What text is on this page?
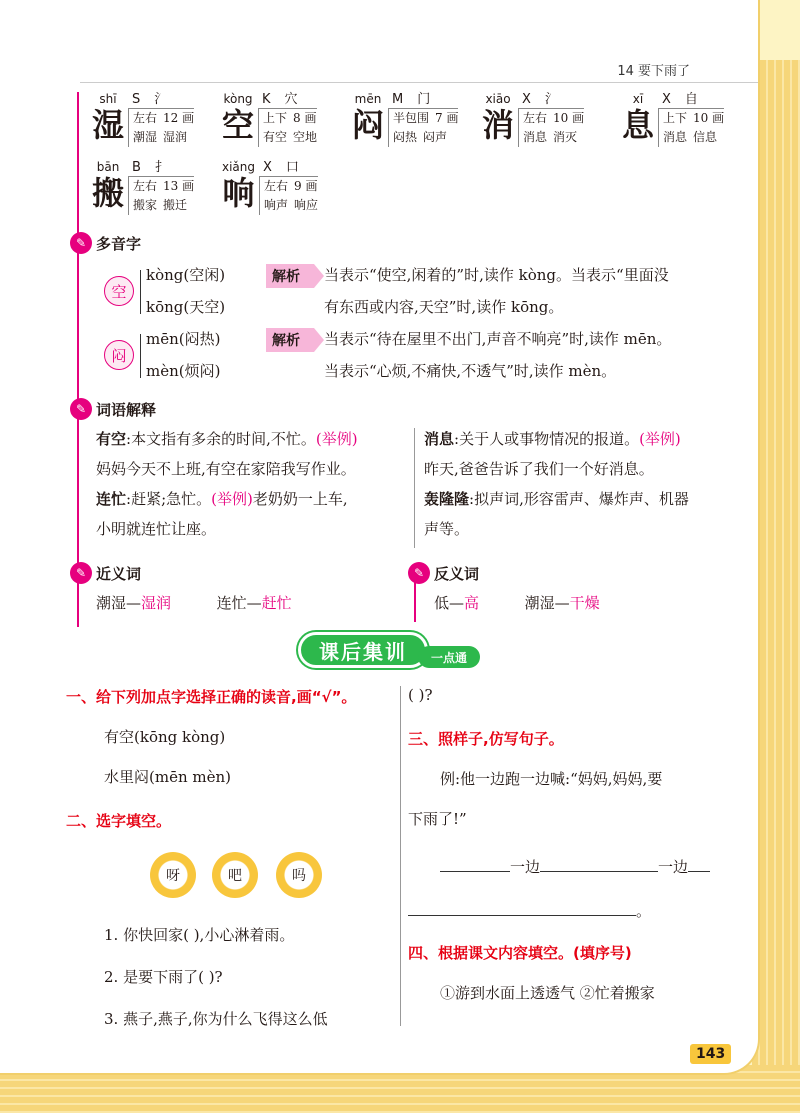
14 要下雨了
shī
湿
S 氵
左右 12 画
潮湿 湿润
kòng
空
K 穴
上下 8 画
有空 空地
mēn
闷
M 门
半包围 7 画
闷热 闷声
xiāo
消
X 氵
左右 10 画
消息 消灭
xī
息
X 自
上下 10 画
消息 信息
bān
搬
B 扌
左右 13 画
搬家 搬迁
xiǎng
响
X 口
左右 9 画
响声 响应
✎ 多音字
空
kòng(空闲)
kōng(天空)
解析	当表示“使空,闲着的”时,读作 kòng。当表示“里面没
有东西或内容,天空”时,读作 kōng。
闷
mēn(闷热)
mèn(烦闷)
解析	当表示“待在屋里不出门,声音不响亮”时,读作 mēn。
当表示“心烦,不痛快,不透气”时,读作 mèn。
✎ 词语解释
有空:本文指有多余的时间,不忙。(举例)
妈妈今天不上班,有空在家陪我写作业。
连忙:赶紧;急忙。(举例)老奶奶一上车,
小明就连忙让座。
消息:关于人或事物情况的报道。(举例)
昨天,爸爸告诉了我们一个好消息。
轰隆隆:拟声词,形容雷声、爆炸声、机器
声等。
✎ 近义词
潮湿—湿润	连忙—赶忙
✎ 反义词
低—高	潮湿—干燥
课后集训	一点通
一、给下列加点字选择正确的读音,画“√”。
有空(kōng kòng)
水里闷(mēn mèn)
二、选字填空。
呀	吧	吗
1. 你快回家( ),小心淋着雨。
2. 是要下雨了( )?
3. 燕子,燕子,你为什么飞得这么低
( )?
三、照样子,仿写句子。
例:他一边跑一边喊:“妈妈,妈妈,要
下雨了!”
一边	一边
。
四、根据课文内容填空。(填序号)
①游到水面上透透气 ②忙着搬家
143
